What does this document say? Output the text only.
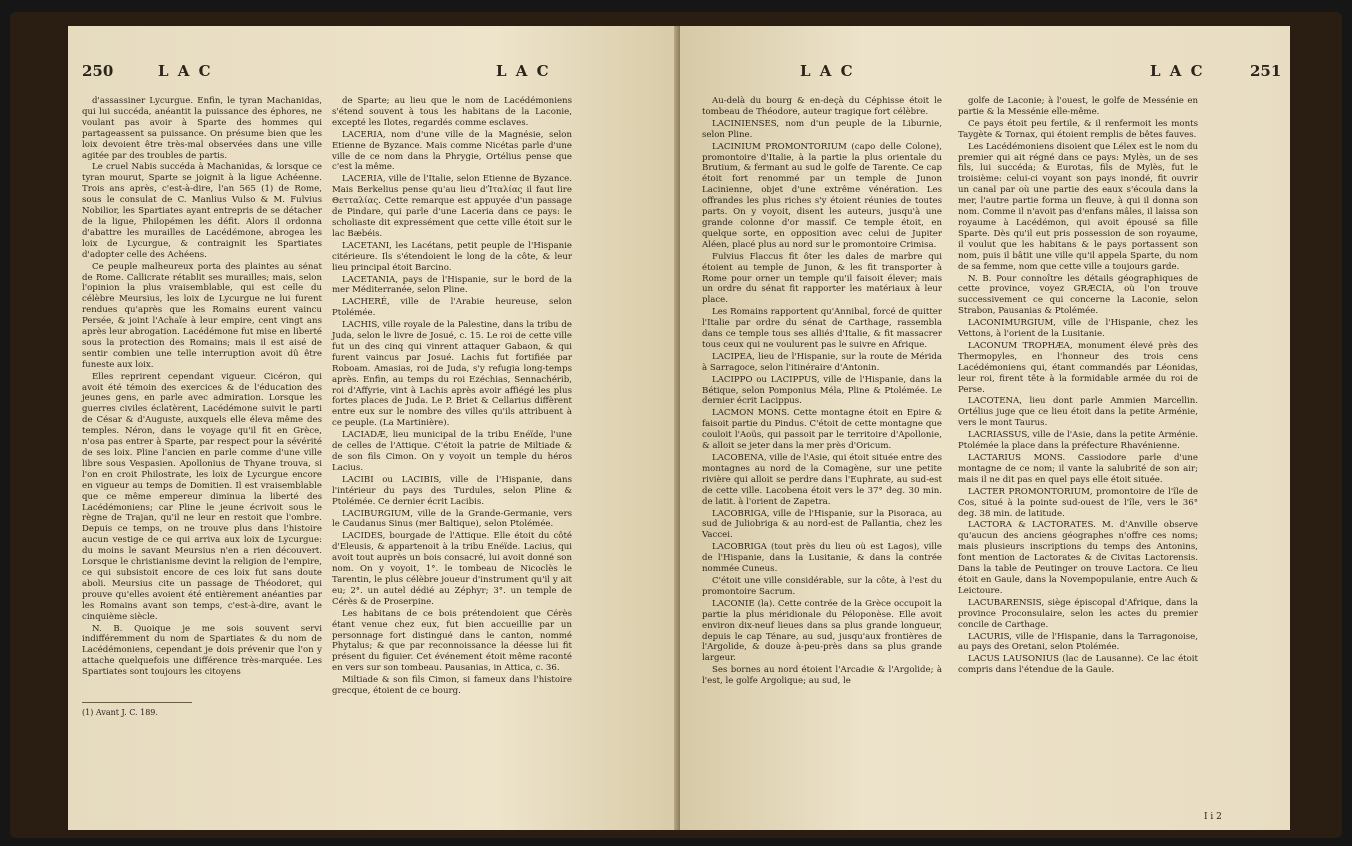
250	L A C	L A C

d'assassiner Lycurgue. Enfin, le tyran Machanidas, qui lui succéda, anéantit la puissance des éphores, ne voulant pas avoir à Sparte des hommes qui partageassent sa puissance. On présume bien que les loix devoient être très-mal observées dans une ville agitée par des troubles de partis.

Le cruel Nabis succéda à Machanidas, & lorsque ce tyran mourut, Sparte se joignit à la ligue Achéenne. Trois ans après, c'est-à-dire, l'an 565 (1) de Rome, sous le consulat de C. Manlius Vulso & M. Fulvius Nobilior, les Spartiates ayant entrepris de se détacher de la ligue, Philopémen les défit. Alors il ordonna d'abattre les murailles de Lacédémone, abrogea les loix de Lycurgue, & contraignit les Spartiates d'adopter celle des Achéens.

Ce peuple malheureux porta des plaintes au sénat de Rome. Callicrate rétablit ses murailles; mais, selon l'opinion la plus vraisemblable, qui est celle du célèbre Meursius, les loix de Lycurgue ne lui furent rendues qu'après que les Romains eurent vaincu Persée, & joint l'Achaïe à leur empire, cent vingt ans après leur abrogation. Lacédémone fut mise en liberté sous la protection des Romains; mais il est aisé de sentir combien une telle interruption avoit dû être funeste aux loix.

Elles reprirent cependant vigueur. Cicéron, qui avoit été témoin des exercices & de l'éducation des jeunes gens, en parle avec admiration. Lorsque les guerres civiles éclatèrent, Lacédémone suivit le parti de César & d'Auguste, auxquels elle éleva même des temples. Néron, dans le voyage qu'il fit en Grèce, n'osa pas entrer à Sparte, par respect pour la sévérité de ses loix. Pline l'ancien en parle comme d'une ville libre sous Vespasien. Apollonius de Thyane trouva, si l'on en croit Philostrate, les loix de Lycurgue encore en vigueur au temps de Domitien. Il est vraisemblable que ce même empereur diminua la liberté des Lacédémoniens; car Pline le jeune écrivoit sous le règne de Trajan, qu'il ne leur en restoit que l'ombre. Depuis ce temps, on ne trouve plus dans l'histoire aucun vestige de ce qui arriva aux loix de Lycurgue: du moins le savant Meursius n'en a rien découvert. Lorsque le christianisme devint la religion de l'empire, ce qui subsistoit encore de ces loix fut sans doute aboli. Meursius cite un passage de Théodoret, qui prouve qu'elles avoient été entièrement anéanties par les Romains avant son temps, c'est-à-dire, avant le cinquième siècle.

N. B. Quoique je me sois souvent servi indifféremment du nom de Spartiates & du nom de Lacédémoniens, cependant je dois prévenir que l'on y attache quelquefois une différence très-marquée. Les Spartiates sont toujours les citoyens

(1) Avant J. C. 189.

de Sparte; au lieu que le nom de Lacédémoniens s'étend souvent à tous les habitans de la Laconie, excepté les Ilotes, regardés comme esclaves.

LACERIA, nom d'une ville de la Magnésie, selon Etienne de Byzance. Mais comme Nicétas parle d'une ville de ce nom dans la Phrygie, Ortélius pense que c'est la même.

LACERIA, ville de l'Italie, selon Etienne de Byzance. Mais Berkelius pense qu'au lieu d'Ἰταλίας il faut lire Θετταλίας. Cette remarque est appuyée d'un passage de Pindare, qui parle d'une Laceria dans ce pays: le scholiaste dit expressément que cette ville étoit sur le lac Bæbéis.

LACETANI, les Lacétans, petit peuple de l'Hispanie citérieure. Ils s'étendoient le long de la côte, & leur lieu principal étoit Barcino.

LACETANIA, pays de l'Hispanie, sur le bord de la mer Méditerranée, selon Pline.

LACHERÉ, ville de l'Arabie heureuse, selon Ptolémée.

LACHIS, ville royale de la Palestine, dans la tribu de Juda, selon le livre de Josué, c. 15. Le roi de cette ville fut un des cinq qui vinrent attaquer Gabaon, & qui furent vaincus par Josué. Lachis fut fortifiée par Roboam. Amasias, roi de Juda, s'y refugia long-temps après. Enfin, au temps du roi Ezéchias, Sennachérib, roi d'Affyrie, vint à Lachis après avoir affiégé les plus fortes places de Juda. Le P. Briet & Cellarius diffèrent entre eux sur le nombre des villes qu'ils attribuent à ce peuple. (La Martinière).

LACIADÆ, lieu municipal de la tribu Enéïde, l'une de celles de l'Attique. C'étoit la patrie de Miltiade & de son fils Cimon. On y voyoit un temple du héros Lacius.

LACIBI ou LACIBIS, ville de l'Hispanie, dans l'intérieur du pays des Turdules, selon Pline & Ptolémée. Ce dernier écrit Lacibis.

LACIBURGIUM, ville de la Grande-Germanie, vers le Caudanus Sinus (mer Baltique), selon Ptolémée.

LACIDES, bourgade de l'Attique. Elle étoit du côté d'Eleusis, & appartenoit à la tribu Enéïde. Lacius, qui avoit tout auprès un bois consacré, lui avoit donné son nom. On y voyoit, 1°. le tombeau de Nicoclès le Tarentin, le plus célèbre joueur d'instrument qu'il y ait eu; 2°. un autel dédié au Zéphyr; 3°. un temple de Cérès & de Proserpine.

Les habitans de ce bois prétendoient que Cérès étant venue chez eux, fut bien accueillie par un personnage fort distingué dans le canton, nommé Phytalus; & que par reconnoissance la déesse lui fit présent du figuier. Cet événement étoit même raconté en vers sur son tombeau. Pausanias, in Attica, c. 36.

Miltiade & son fils Cimon, si fameux dans l'histoire grecque, étoient de ce bourg.

L A C	L A C	251

Au-delà du bourg & en-deçà du Céphisse étoit le tombeau de Théodore, auteur tragique fort célèbre.

LACINIENSES, nom d'un peuple de la Liburnie, selon Pline.

LACINIUM PROMONTORIUM (capo delle Colone), promontoire d'Italie, à la partie la plus orientale du Brutium, & fermant au sud le golfe de Tarente. Ce cap étoit fort renommé par un temple de Junon Lacinienne, objet d'une extrême vénération. Les offrandes les plus riches s'y étoient réunies de toutes parts. On y voyoit, disent les auteurs, jusqu'à une grande colonne d'or massif. Ce temple étoit, en quelque sorte, en opposition avec celui de Jupiter Aléen, placé plus au nord sur le promontoire Crimisa.

Fulvius Flaccus fit ôter les dales de marbre qui étoient au temple de Junon, & les fit transporter à Rome pour orner un temple qu'il faisoit élever; mais un ordre du sénat fit rapporter les matériaux à leur place.

Les Romains rapportent qu'Annibal, forcé de quitter l'Italie par ordre du sénat de Carthage, rassembla dans ce temple tous ses alliés d'Italie, & fit massacrer tous ceux qui ne voulurent pas le suivre en Afrique.

LACIPEA, lieu de l'Hispanie, sur la route de Mérida à Sarragoce, selon l'itinéraire d'Antonin.

LACIPPO ou LACIPPUS, ville de l'Hispanie, dans la Bétique, selon Pomponius Méla, Pline & Ptolémée. Le dernier écrit Lacippus.

LACMON MONS. Cette montagne étoit en Epire & faisoit partie du Pindus. C'étoit de cette montagne que couloit l'Aoüs, qui passoit par le territoire d'Apollonie, & alloit se jeter dans la mer près d'Oricum.

LACOBENA, ville de l'Asie, qui étoit située entre des montagnes au nord de la Comagène, sur une petite rivière qui alloit se perdre dans l'Euphrate, au sud-est de cette ville. Lacobena étoit vers le 37° deg. 30 min. de latit. à l'orient de Zapetra.

LACOBRIGA, ville de l'Hispanie, sur la Pisoraca, au sud de Juliobriga & au nord-est de Pallantia, chez les Vaccei.

LACOBRIGA (tout près du lieu où est Lagos), ville de l'Hispanie, dans la Lusitanie, & dans la contrée nommée Cuneus.

C'étoit une ville considérable, sur la côte, à l'est du promontoire Sacrum.

LACONIE (la). Cette contrée de la Grèce occupoit la partie la plus méridionale du Péloponèse. Elle avoit environ dix-neuf lieues dans sa plus grande longueur, depuis le cap Ténare, au sud, jusqu'aux frontières de l'Argolide, & douze à-peu-près dans sa plus grande largeur.

Ses bornes au nord étoient l'Arcadie & l'Argolide; à l'est, le golfe Argolique; au sud, le

golfe de Laconie; à l'ouest, le golfe de Messénie en partie & la Messénie elle-même.

Ce pays étoit peu fertile, & il renfermoit les monts Taygète & Tornax, qui étoient remplis de bêtes fauves.

Les Lacédémoniens disoient que Lélex est le nom du premier qui ait régné dans ce pays: Mylès, un de ses fils, lui succéda; & Eurotas, fils de Mylès, fut le troisième: celui-ci voyant son pays inondé, fit ouvrir un canal par où une partie des eaux s'écoula dans la mer, l'autre partie forma un fleuve, à qui il donna son nom. Comme il n'avoit pas d'enfans mâles, il laissa son royaume à Lacédémon, qui avoit épousé sa fille Sparte. Dès qu'il eut pris possession de son royaume, il voulut que les habitans & le pays portassent son nom, puis il bâtit une ville qu'il appela Sparte, du nom de sa femme, nom que cette ville a toujours garde.

N. B. Pour connoître les détails géographiques de cette province, voyez GRÆCIA, où l'on trouve successivement ce qui concerne la Laconie, selon Strabon, Pausanias & Ptolémée.

LACONIMURGIUM, ville de l'Hispanie, chez les Vettons, à l'orient de la Lusitanie.

LACONUM TROPHÆA, monument élevé près des Thermopyles, en l'honneur des trois cens Lacédémoniens qui, étant commandés par Léonidas, leur roi, firent tête à la formidable armée du roi de Perse.

LACOTENA, lieu dont parle Ammien Marcellin. Ortélius juge que ce lieu étoit dans la petite Arménie, vers le mont Taurus.

LACRIASSUS, ville de l'Asie, dans la petite Arménie. Ptolémée la place dans la préfecture Rhavénienne.

LACTARIUS MONS. Cassiodore parle d'une montagne de ce nom; il vante la salubrité de son air; mais il ne dit pas en quel pays elle étoit située.

LACTER PROMONTORIUM, promontoire de l'île de Cos, situé à la pointe sud-ouest de l'île, vers le 36° deg. 38 min. de latitude.

LACTORA & LACTORATES. M. d'Anville observe qu'aucun des anciens géographes n'offre ces noms; mais plusieurs inscriptions du temps des Antonins, font mention de Lactorates & de Civitas Lactorensis. Dans la table de Peutinger on trouve Lactora. Ce lieu étoit en Gaule, dans la Novempopulanie, entre Auch & Leictoure.

LACUBARENSIS, siège épiscopal d'Afrique, dans la province Proconsulaire, selon les actes du premier concile de Carthage.

LACURIS, ville de l'Hispanie, dans la Tarragonoise, au pays des Oretani, selon Ptolémée.

LACUS LAUSONIUS (lac de Lausanne). Ce lac étoit compris dans l'étendue de la Gaule.

I i 2
